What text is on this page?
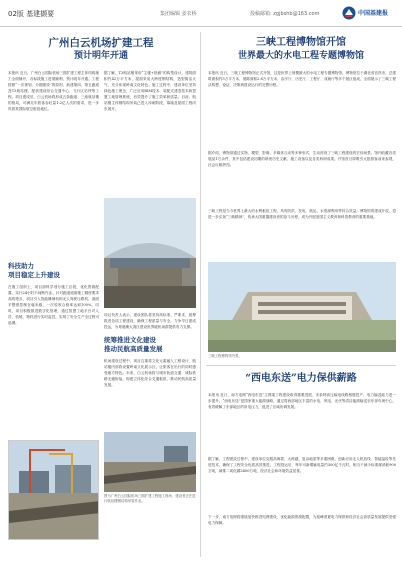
02版 基建撷要	集团编辑 姜农桥	投稿邮箱: zgjbshb@163.com	中国基建报
广州白云机场扩建工程
预计明年开通
本报讯 近日，广州白云国际机场三期扩建工程主体结构施工全面铺开，各标段施工进展顺利，预计明年开通。工程按照“一次规划、分期建设”的原则，新建第四、第五跑道及T3航站楼，配套建设综合交通中心、飞行区站坪等工程。项目建成后，白云机场将形成五条跑道、三座航站楼的格局，可满足年旅客吞吐量1.2亿人次的需求，进一步巩固其国际航空枢纽地位。
科技助力
项目稳定上升建设
在施工组织上，项目部科学划分施工区段，优化资源配置，实行24小时不间断作业。针对跑道道面施工精度要求高的特点，项目引入智能摊铺机和无人驾驶压路机，道面平整度控制在毫米级，一次验收合格率达到100%。同时，项目积极推进数字化管理，通过智慧工地平台对人员、机械、物料进行实时监控，实现了安全生产全过程可追溯。
据了解，T3航站楼采用“主楼+指廊”的构型设计，建筑面积约42万平方米，屋面采用大跨度钢结构，造型简洁大气，充分体现岭南文化特色。施工过程中，建设单位坚持绿色施工理念，广泛应用BIM技术、装配式建造技术和智慧工地管理系统，有效提升了施工效率和质量。目前，航站楼主体钢结构吊装已进入冲刺阶段，幕墙及屋面工程同步展开。
项目负责人表示，建设团队将坚持高标准、严要求，统筹推进各项工程建设，确保工程质量与安全，力争早日建成投运，为粤港澳大湾区建设世界级机场群提供有力支撑。
统筹推进文化建设
推动民航高质量发展
机场建设过程中，项目注重将文化元素融入工程设计，航站楼内部将设置岭南文化展示区，让旅客在出行的同时感受地方特色。未来，白云机场将与城市轨道交通、城际铁路无缝衔接，构建立体化综合交通枢纽，推动民航高质量发展。
图为广州白云国际机场三期扩建工程施工现场，建设者正在进行航站楼钢结构吊装作业。
三峡工程博物馆开馆
世界最大的水电工程专题博物馆
本报讯 近日，三峡工程博物馆正式开馆，这是世界上规模最大的水电工程专题博物馆。博物馆位于湖北省宜昌市，总建筑面积约5万平方米，展陈面积2.8万平方米，由序厅、历史厅、工程厅、成就厅等多个展区组成，全面展示了三峡工程从构想、论证、决策到建设运行的完整历程。
据介绍，博物馆通过实物、模型、影像、多媒体互动等多种形式，生动再现了三峡工程建设的宏伟场景。馆内收藏各类展品1万余件，其中包括建设初期的珍贵历史文献、施工设备以及各类科研成果。开馆首日即吸引大批游客前来参观，社会反响热烈。
三峡工程是当今世界上最大的水利枢纽工程，具有防洪、发电、航运、水资源利用等综合效益。博物馆的建成开放，将进一步弘扬“三峡精神”，传承大国重器建设者的奋斗历程，成为开展爱国主义教育和科普教育的重要基地。
三峡工程博物馆外景。
“西电东送”电力保供薪路
本报讯 近日，南方电网“西电东送”主网架工程建设取得重要进展，多条特高压输电线路相继投产，电力输送能力进一步提升。“西电东送”是国家重大能源战略，通过将西部地区丰富的水电、风电、光伏等清洁能源输送至东部负荷中心，有效缓解了东部地区的用电压力，促进了区域协调发展。
据了解，工程建设过程中，建设单位克服高海拔、大跨越、复杂地质等多重困难，创新应用无人机放线、智能巡检等先进技术，确保了工程安全优质高效推进。工程投运后，每年可新增输电量约300亿千瓦时，相当于减少标准煤消耗900万吨，减排二氧化碳2400万吨，经济社会和环境效益显著。
下一步，南方电网将继续加快推进电网建设，优化能源资源配置，为迎峰度夏电力保供和经济社会高质量发展提供坚强电力保障。
